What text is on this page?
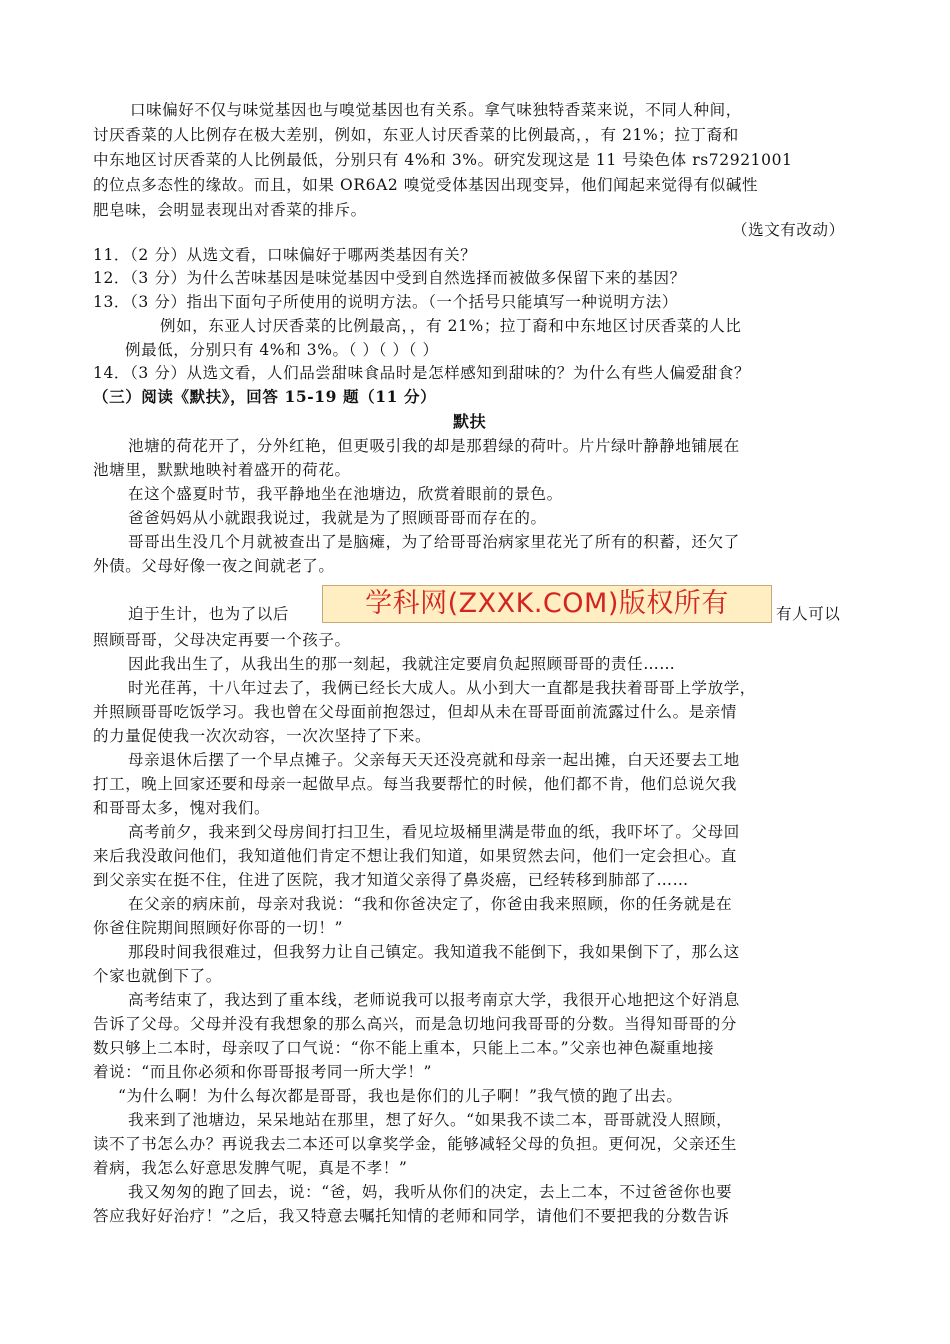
口味偏好不仅与味觉基因也与嗅觉基因也有关系。拿气味独特香菜来说，不同人种间，
讨厌香菜的人比例存在极大差别，例如，东亚人讨厌香菜的比例最高，，有 21%；拉丁裔和
中东地区讨厌香菜的人比例最低，分别只有 4%和 3%。研究发现这是 11 号染色体 rs72921001
的位点多态性的缘故。而且，如果 OR6A2 嗅觉受体基因出现变异，他们闻起来觉得有似碱性
肥皂味，会明显表现出对香菜的排斥。
（选文有改动）
11．（2 分）从选文看，口味偏好于哪两类基因有关？
12．（3 分）为什么苦味基因是味觉基因中受到自然选择而被做多保留下来的基因？
13．（3 分）指出下面句子所使用的说明方法。（一个括号只能填写一种说明方法）
例如，东亚人讨厌香菜的比例最高，，有 21%；拉丁裔和中东地区讨厌香菜的人比
例最低，分别只有 4%和 3%。（ ）（ ）（ ）
14．（3 分）从选文看，人们品尝甜味食品时是怎样感知到甜味的？为什么有些人偏爱甜食？
（三）阅读《默扶》，回答 15-19 题（11 分）
默扶
池塘的荷花开了，分外红艳，但更吸引我的却是那碧绿的荷叶。片片绿叶静静地铺展在
池塘里，默默地映衬着盛开的荷花。
在这个盛夏时节，我平静地坐在池塘边，欣赏着眼前的景色。
爸爸妈妈从小就跟我说过，我就是为了照顾哥哥而存在的。
哥哥出生没几个月就被查出了是脑瘫，为了给哥哥治病家里花光了所有的积蓄，还欠了
外债。父母好像一夜之间就老了。
迫于生计，也为了以后	有人可以
照顾哥哥，父母决定再要一个孩子。
因此我出生了，从我出生的那一刻起，我就注定要肩负起照顾哥哥的责任……
时光荏苒，十八年过去了，我俩已经长大成人。从小到大一直都是我扶着哥哥上学放学，
并照顾哥哥吃饭学习。我也曾在父母面前抱怨过，但却从未在哥哥面前流露过什么。是亲情
的力量促使我一次次动容，一次次坚持了下来。
母亲退休后摆了一个早点摊子。父亲每天天还没亮就和母亲一起出摊，白天还要去工地
打工，晚上回家还要和母亲一起做早点。每当我要帮忙的时候，他们都不肯，他们总说欠我
和哥哥太多，愧对我们。
高考前夕，我来到父母房间打扫卫生，看见垃圾桶里满是带血的纸，我吓坏了。父母回
来后我没敢问他们，我知道他们肯定不想让我们知道，如果贸然去问，他们一定会担心。直
到父亲实在挺不住，住进了医院，我才知道父亲得了鼻炎癌，已经转移到肺部了……
在父亲的病床前，母亲对我说：“我和你爸决定了，你爸由我来照顾，你的任务就是在
你爸住院期间照顾好你哥的一切！”
那段时间我很难过，但我努力让自己镇定。我知道我不能倒下，我如果倒下了，那么这
个家也就倒下了。
高考结束了，我达到了重本线，老师说我可以报考南京大学，我很开心地把这个好消息
告诉了父母。父母并没有我想象的那么高兴，而是急切地问我哥哥的分数。当得知哥哥的分
数只够上二本时，母亲叹了口气说：“你不能上重本，只能上二本。”父亲也神色凝重地接
着说：“而且你必须和你哥哥报考同一所大学！”
“为什么啊！为什么每次都是哥哥，我也是你们的儿子啊！”我气愤的跑了出去。
我来到了池塘边，呆呆地站在那里，想了好久。“如果我不读二本，哥哥就没人照顾，
读不了书怎么办？再说我去二本还可以拿奖学金，能够减轻父母的负担。更何况，父亲还生
着病，我怎么好意思发脾气呢，真是不孝！”
我又匆匆的跑了回去，说：“爸，妈，我听从你们的决定，去上二本，不过爸爸你也要
答应我好好治疗！”之后，我又特意去嘱托知情的老师和同学，请他们不要把我的分数告诉
学科网(ZXXK.COM)版权所有
